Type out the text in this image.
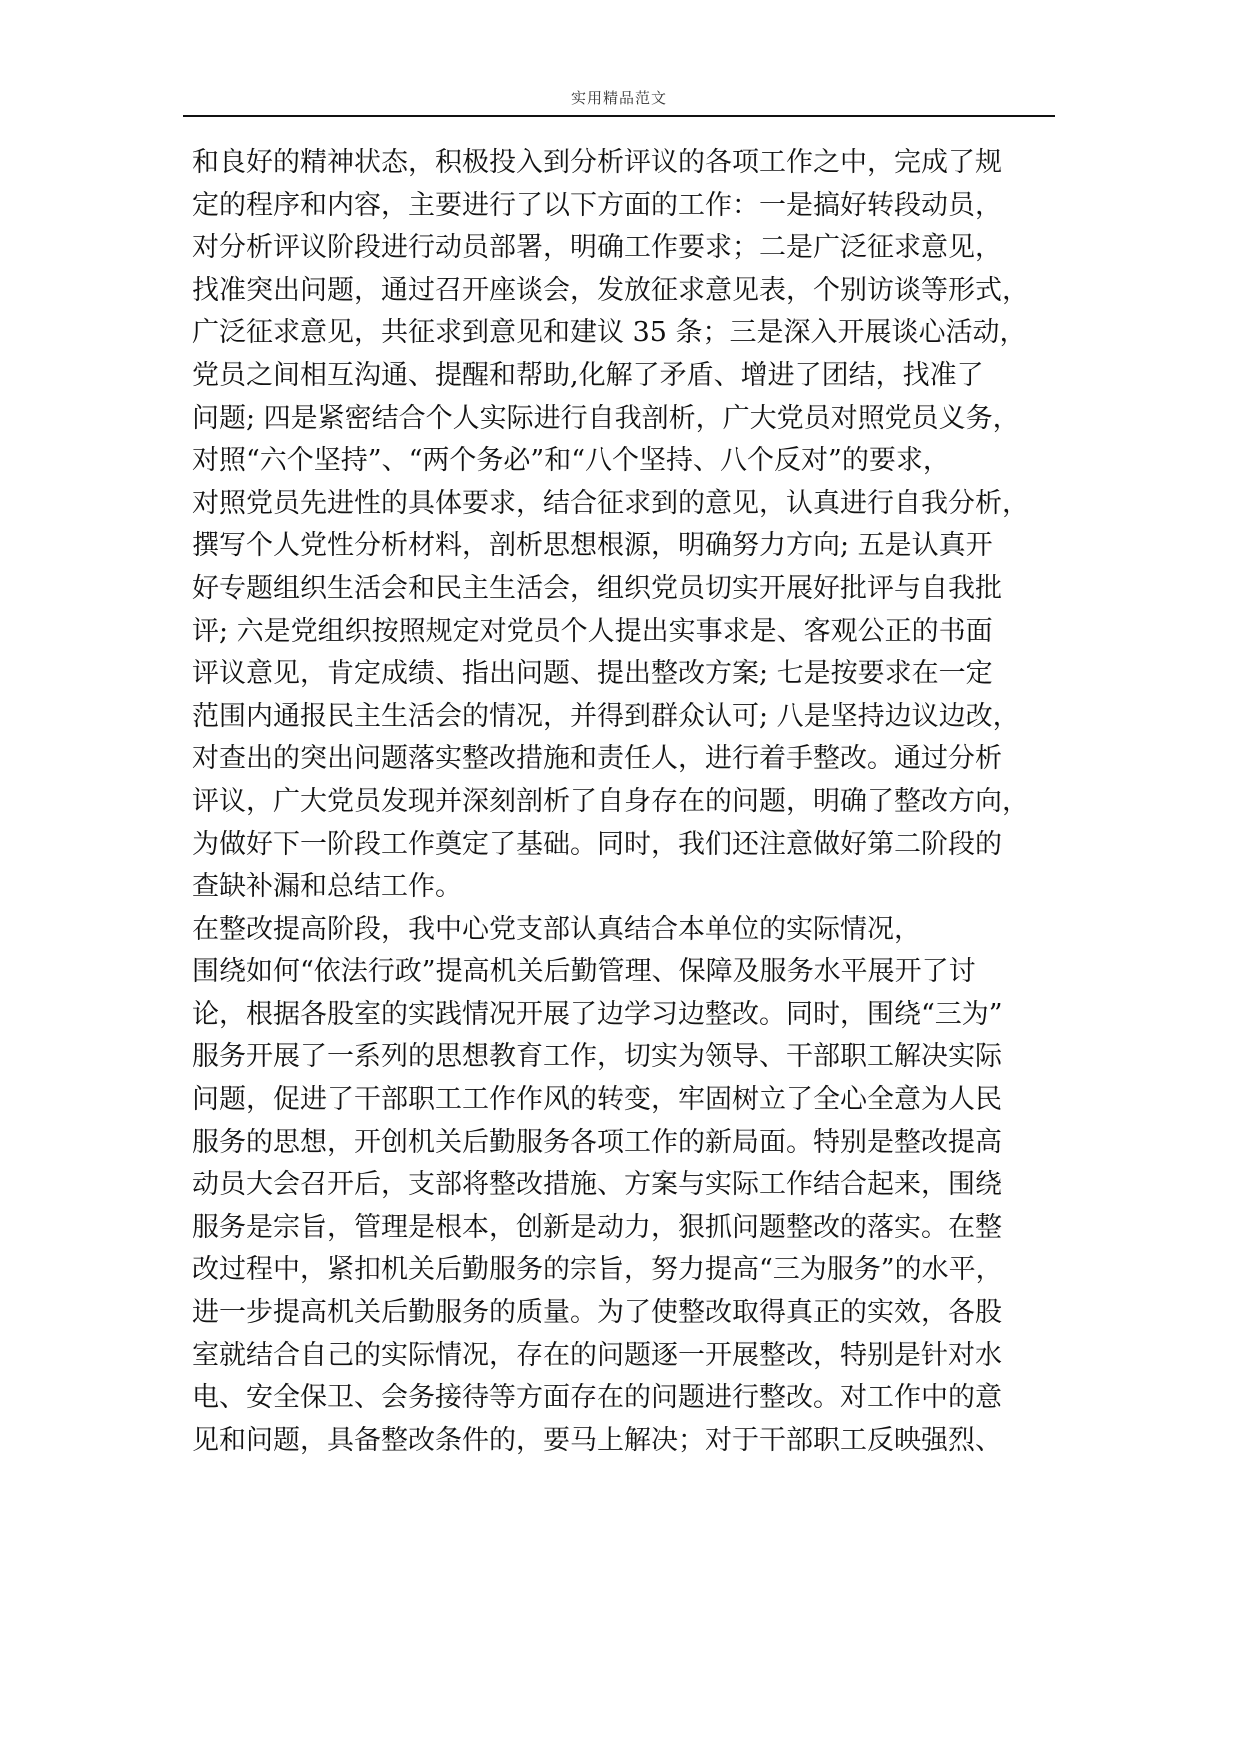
实用精品范文
和良好的精神状态，积极投入到分析评议的各项工作之中，完成了规
定的程序和内容，主要进行了以下方面的工作：一是搞好转段动员，
对分析评议阶段进行动员部署，明确工作要求；二是广泛征求意见，
找准突出问题，通过召开座谈会，发放征求意见表，个别访谈等形式，
广泛征求意见，共征求到意见和建议 35 条；三是深入开展谈心活动，
党员之间相互沟通、提醒和帮助,化解了矛盾、增进了团结，找准了
问题; 四是紧密结合个人实际进行自我剖析，广大党员对照党员义务，
对照“六个坚持”、“两个务必”和“八个坚持、八个反对”的要求，
对照党员先进性的具体要求，结合征求到的意见，认真进行自我分析，
撰写个人党性分析材料，剖析思想根源，明确努力方向; 五是认真开
好专题组织生活会和民主生活会，组织党员切实开展好批评与自我批
评; 六是党组织按照规定对党员个人提出实事求是、客观公正的书面
评议意见，肯定成绩、指出问题、提出整改方案; 七是按要求在一定
范围内通报民主生活会的情况，并得到群众认可; 八是坚持边议边改，
对查出的突出问题落实整改措施和责任人，进行着手整改。通过分析
评议，广大党员发现并深刻剖析了自身存在的问题，明确了整改方向，
为做好下一阶段工作奠定了基础。同时，我们还注意做好第二阶段的
查缺补漏和总结工作。
在整改提高阶段，我中心党支部认真结合本单位的实际情况，
围绕如何“依法行政”提高机关后勤管理、保障及服务水平展开了讨
论，根据各股室的实践情况开展了边学习边整改。同时，围绕“三为”
服务开展了一系列的思想教育工作，切实为领导、干部职工解决实际
问题，促进了干部职工工作作风的转变，牢固树立了全心全意为人民
服务的思想，开创机关后勤服务各项工作的新局面。特别是整改提高
动员大会召开后，支部将整改措施、方案与实际工作结合起来，围绕
服务是宗旨，管理是根本，创新是动力，狠抓问题整改的落实。在整
改过程中，紧扣机关后勤服务的宗旨，努力提高“三为服务”的水平，
进一步提高机关后勤服务的质量。为了使整改取得真正的实效，各股
室就结合自己的实际情况，存在的问题逐一开展整改，特别是针对水
电、安全保卫、会务接待等方面存在的问题进行整改。对工作中的意
见和问题，具备整改条件的，要马上解决；对于干部职工反映强烈、
